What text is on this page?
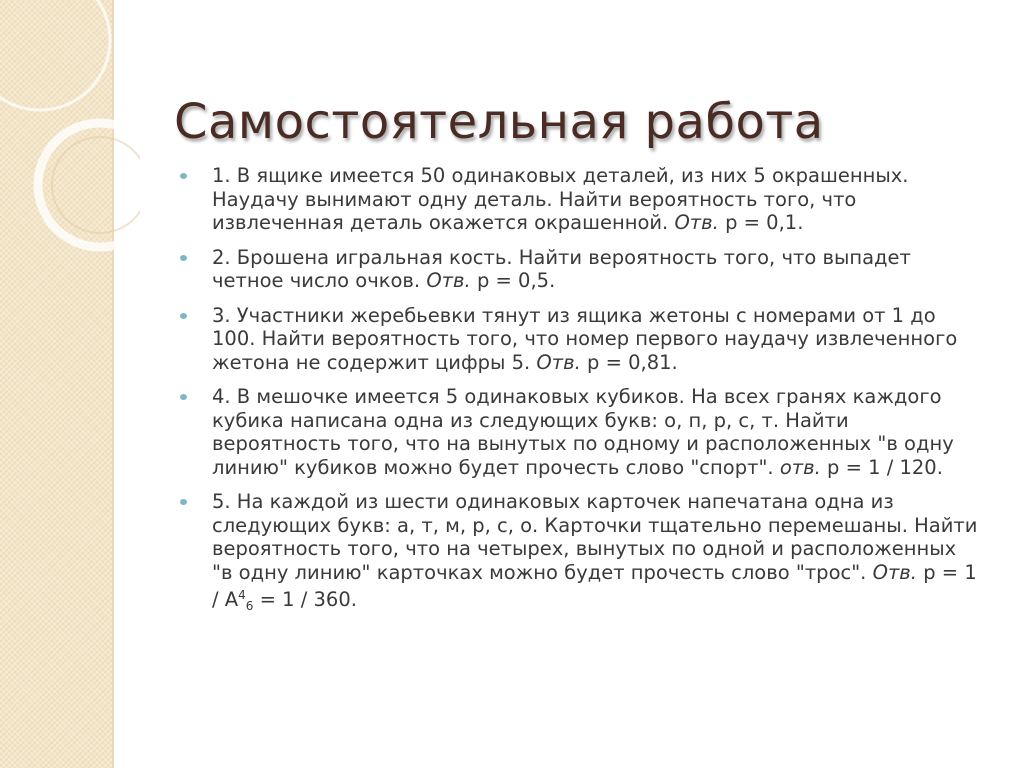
Самостоятельная работа
1. В ящике имеется 50 одинаковых деталей, из них 5 окрашенных. Наудачу вынимают одну деталь. Найти вероятность того, что извлеченная деталь окажется окрашенной. Отв. р = 0,1.
2. Брошена игральная кость. Найти вероятность того, что выпадет четное число очков. Отв. р = 0,5.
3. Участники жеребьевки тянут из ящика жетоны с номерами от 1 до 100. Найти вероятность того, что номер первого наудачу извлеченного жетона не содержит цифры 5. Отв. р = 0,81.
4. В мешочке имеется 5 одинаковых кубиков. На всех гранях каждого кубика написана одна из следующих букв: о, п, р, с, т. Найти вероятность того, что на вынутых по одному и расположенных "в одну линию" кубиков можно будет прочесть слово "спорт". отв. р = 1 / 120.
5. На каждой из шести одинаковых карточек напечатана одна из следующих букв: а, т, м, р, с, о. Карточки тщательно перемешаны. Найти вероятность того, что на четырех, вынутых по одной и расположенных "в одну линию" карточках можно будет прочесть слово "трос". Отв. $р = 1 / А^4_6 = 1 / 360$.
